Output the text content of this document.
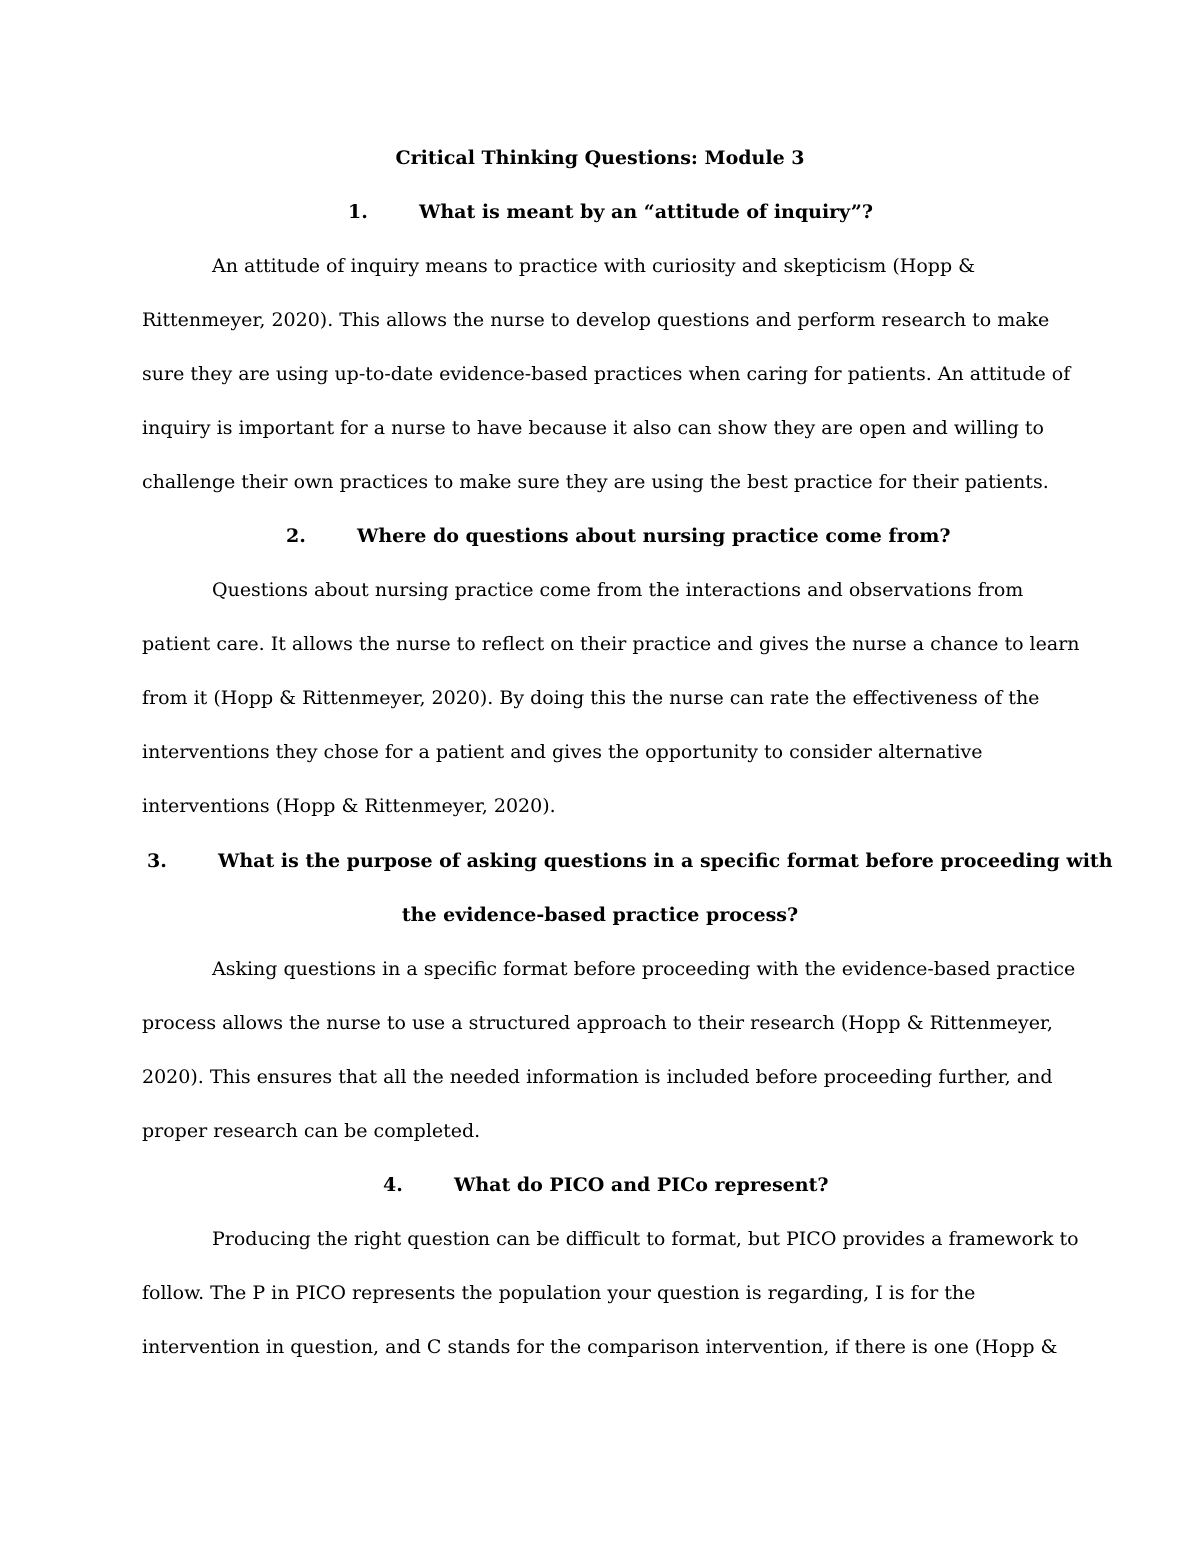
Critical Thinking Questions: Module 3
1.	What is meant by an “attitude of inquiry”?
An attitude of inquiry means to practice with curiosity and skepticism (Hopp &
Rittenmeyer, 2020). This allows the nurse to develop questions and perform research to make
sure they are using up-to-date evidence-based practices when caring for patients. An attitude of
inquiry is important for a nurse to have because it also can show they are open and willing to
challenge their own practices to make sure they are using the best practice for their patients.
2.	Where do questions about nursing practice come from?
Questions about nursing practice come from the interactions and observations from
patient care. It allows the nurse to reflect on their practice and gives the nurse a chance to learn
from it (Hopp & Rittenmeyer, 2020). By doing this the nurse can rate the effectiveness of the
interventions they chose for a patient and gives the opportunity to consider alternative
interventions (Hopp & Rittenmeyer, 2020).
3.	What is the purpose of asking questions in a specific format before proceeding with
the evidence-based practice process?
Asking questions in a specific format before proceeding with the evidence-based practice
process allows the nurse to use a structured approach to their research (Hopp & Rittenmeyer,
2020). This ensures that all the needed information is included before proceeding further, and
proper research can be completed.
4.	What do PICO and PICo represent?
Producing the right question can be difficult to format, but PICO provides a framework to
follow. The P in PICO represents the population your question is regarding, I is for the
intervention in question, and C stands for the comparison intervention, if there is one (Hopp &
